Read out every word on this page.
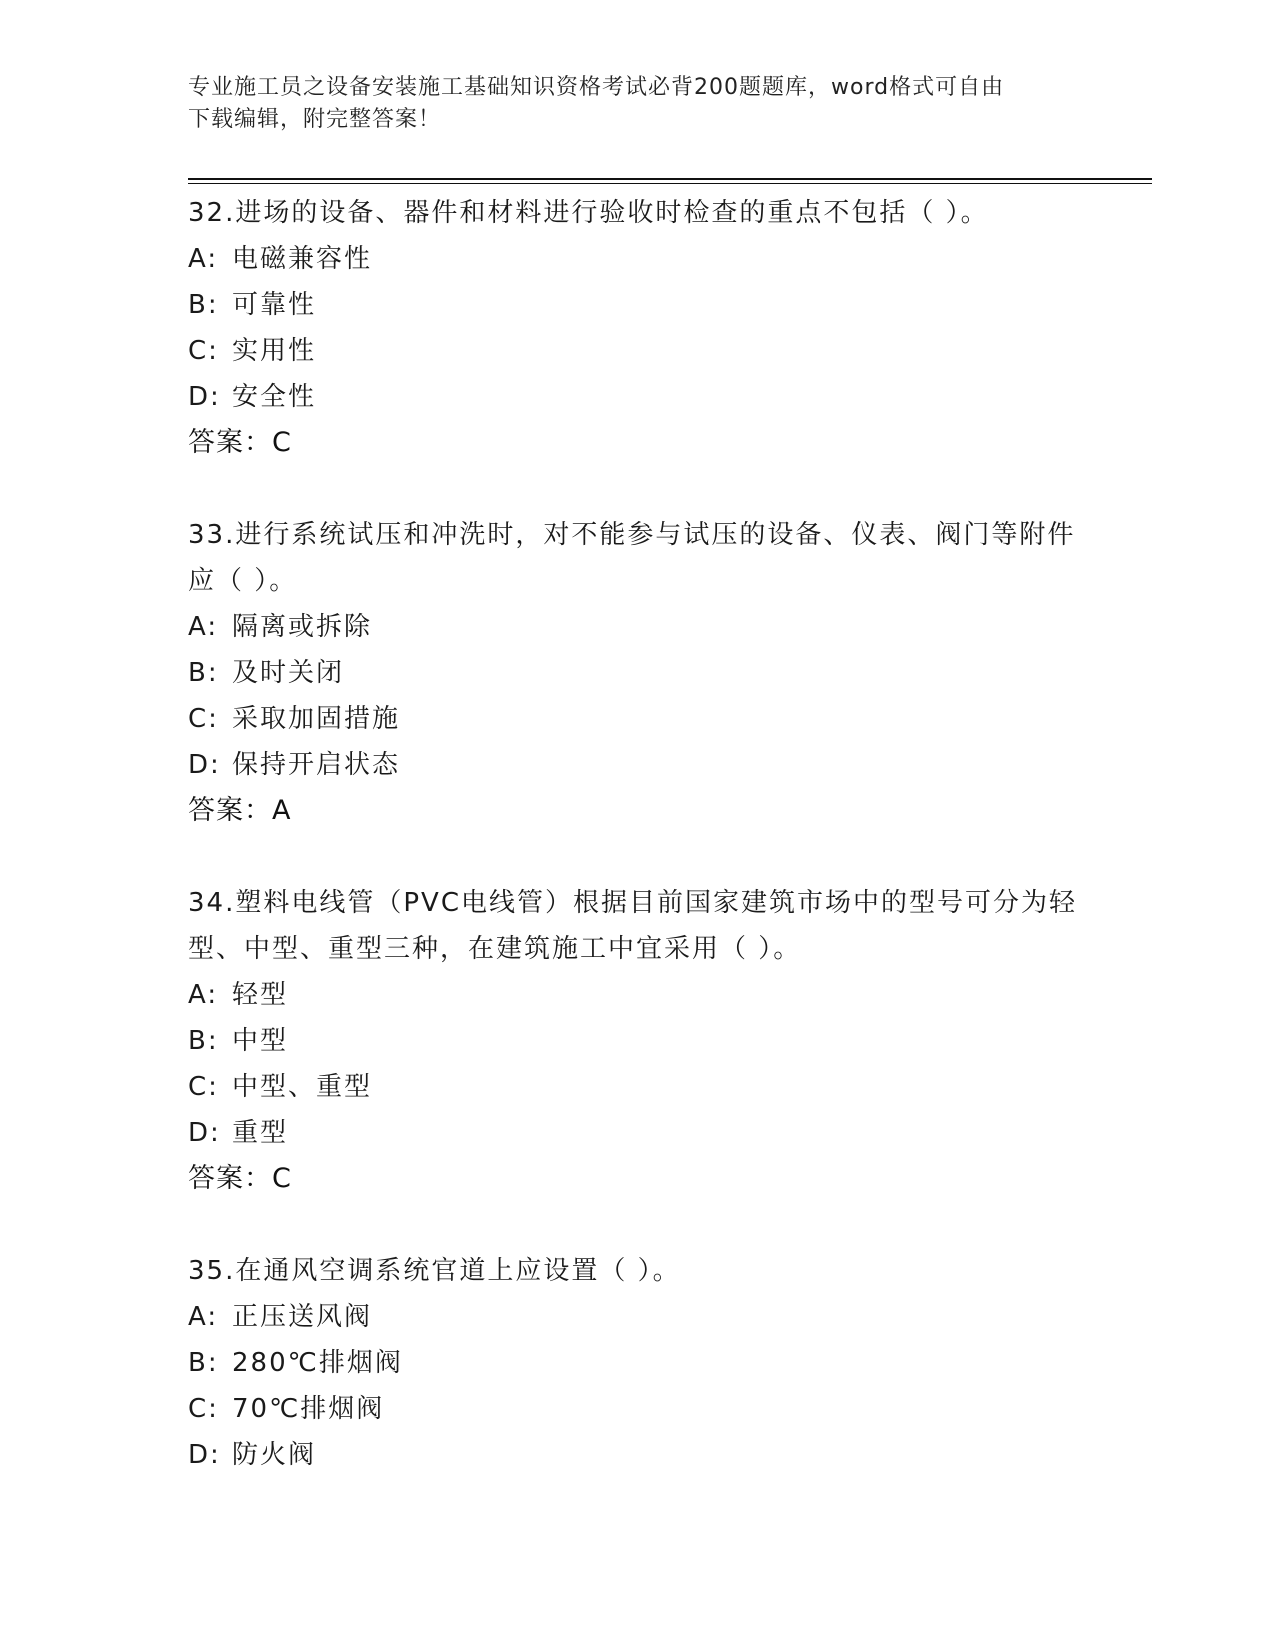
专业施工员之设备安装施工基础知识资格考试必背200题题库，word格式可自由
下载编辑，附完整答案！
32.进场的设备、器件和材料进行验收时检查的重点不包括（ ）。
A: 电磁兼容性
B: 可靠性
C: 实用性
D: 安全性
答案：C
33.进行系统试压和冲洗时，对不能参与试压的设备、仪表、阀门等附件应（ ）。
A: 隔离或拆除
B: 及时关闭
C: 采取加固措施
D: 保持开启状态
答案：A
34.塑料电线管（PVC电线管）根据目前国家建筑市场中的型号可分为轻型、中型、重型三种，在建筑施工中宜采用（ ）。
A: 轻型
B: 中型
C: 中型、重型
D: 重型
答案：C
35.在通风空调系统官道上应设置（ ）。
A: 正压送风阀
B: 280℃排烟阀
C: 70℃排烟阀
D: 防火阀
